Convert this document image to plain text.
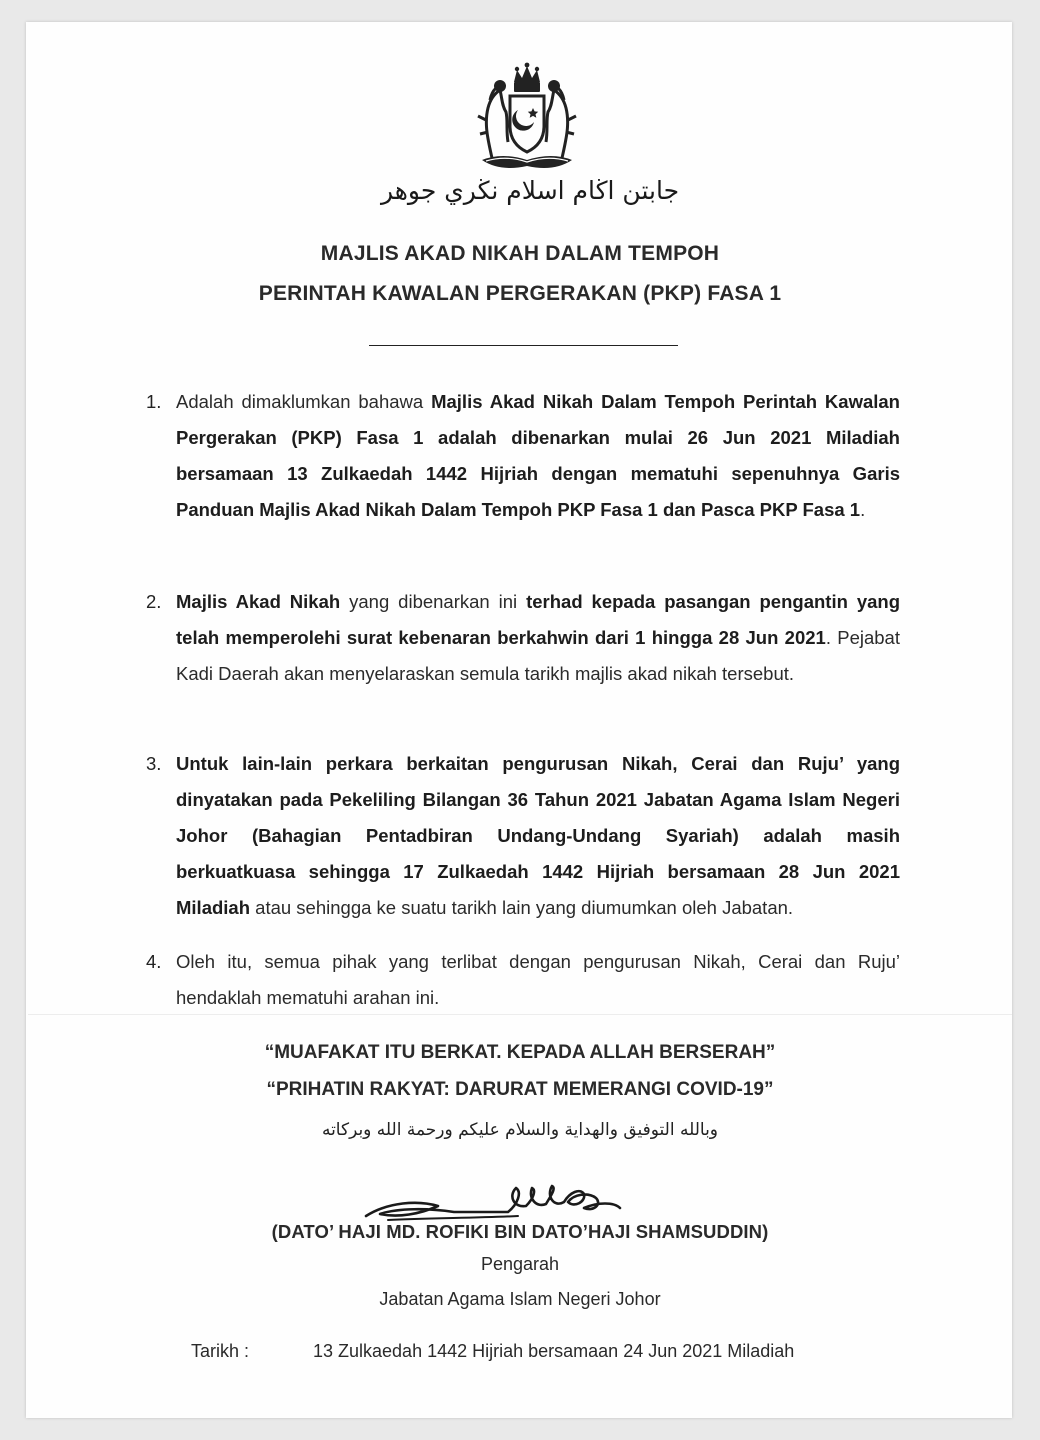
جابتن اڬام اسلام نڬري جوهر
MAJLIS AKAD NIKAH DALAM TEMPOH
PERINTAH KAWALAN PERGERAKAN (PKP) FASA 1
1. Adalah dimaklumkan bahawa Majlis Akad Nikah Dalam Tempoh Perintah Kawalan Pergerakan (PKP) Fasa 1 adalah dibenarkan mulai 26 Jun 2021 Miladiah bersamaan 13 Zulkaedah 1442 Hijriah dengan mematuhi sepenuhnya Garis Panduan Majlis Akad Nikah Dalam Tempoh PKP Fasa 1 dan Pasca PKP Fasa 1.
2. Majlis Akad Nikah yang dibenarkan ini terhad kepada pasangan pengantin yang telah memperolehi surat kebenaran berkahwin dari 1 hingga 28 Jun 2021. Pejabat Kadi Daerah akan menyelaraskan semula tarikh majlis akad nikah tersebut.
3. Untuk lain-lain perkara berkaitan pengurusan Nikah, Cerai dan Ruju’ yang dinyatakan pada Pekeliling Bilangan 36 Tahun 2021 Jabatan Agama Islam Negeri Johor (Bahagian Pentadbiran Undang-Undang Syariah) adalah masih berkuatkuasa sehingga 17 Zulkaedah 1442 Hijriah bersamaan 28 Jun 2021 Miladiah atau sehingga ke suatu tarikh lain yang diumumkan oleh Jabatan.
4. Oleh itu, semua pihak yang terlibat dengan pengurusan Nikah, Cerai dan Ruju’ hendaklah mematuhi arahan ini.
“MUAFAKAT ITU BERKAT. KEPADA ALLAH BERSERAH”
“PRIHATIN RAKYAT: DARURAT MEMERANGI COVID-19”
وبالله التوفيق والهداية والسلام عليكم ورحمة الله وبركاته
(DATO’ HAJI MD. ROFIKI BIN DATO’HAJI SHAMSUDDIN)
Pengarah
Jabatan Agama Islam Negeri Johor
Tarikh :	13 Zulkaedah 1442 Hijriah bersamaan 24 Jun 2021 Miladiah
